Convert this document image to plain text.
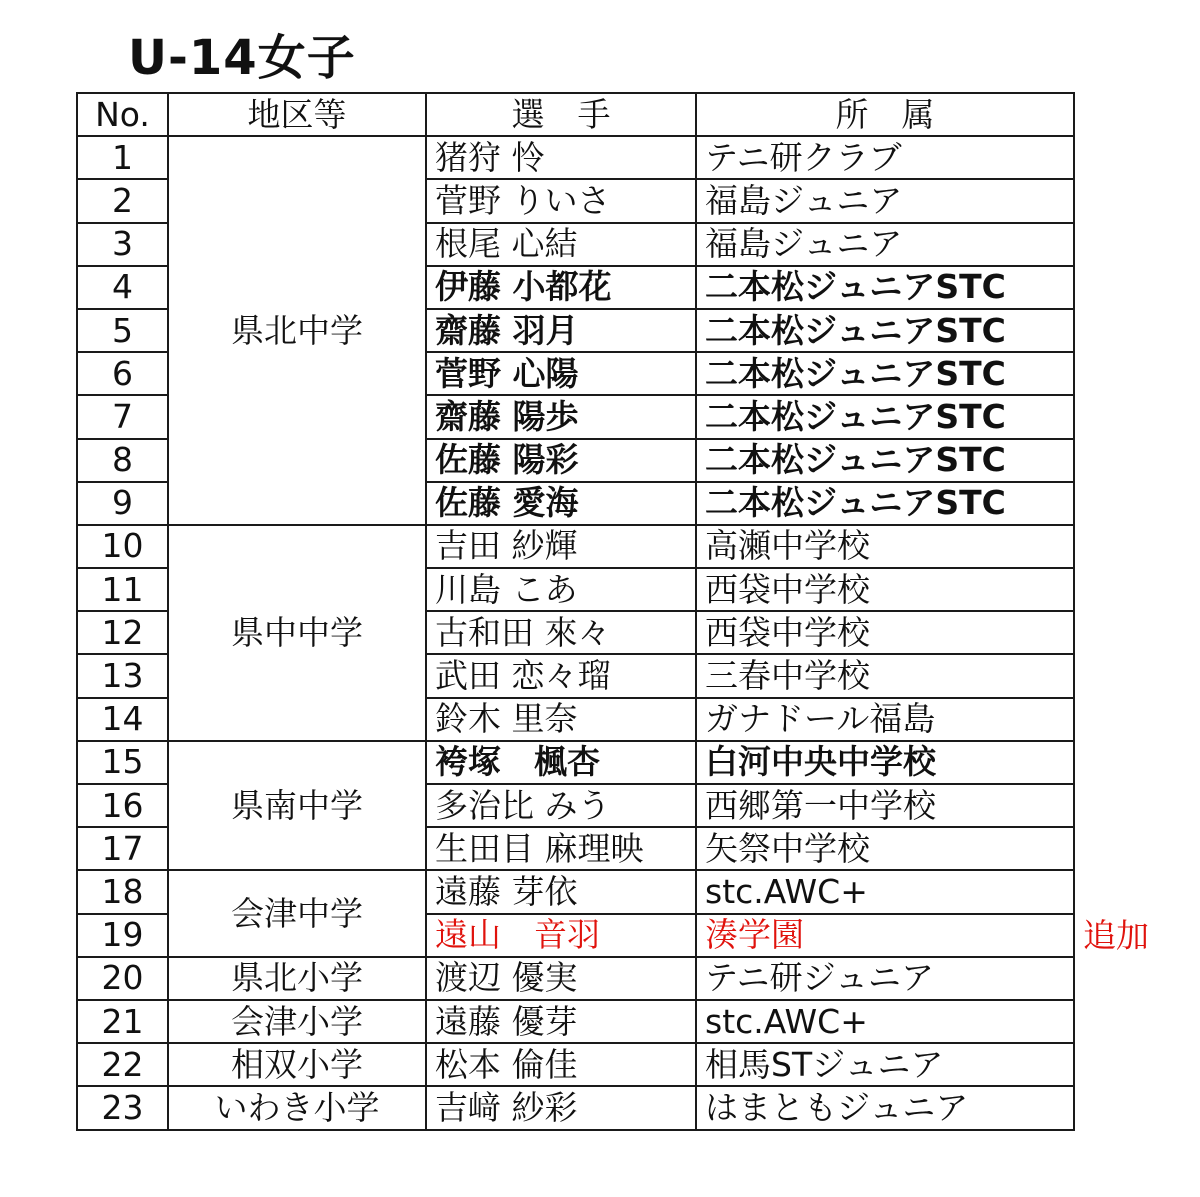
U-14女子
No.	地区等	選　手	所　属
1	県北中学	猪狩 怜	テニ研クラブ
2		菅野 りいさ	福島ジュニア
3		根尾 心結	福島ジュニア
4		伊藤 小都花	二本松ジュニアSTC
5		齋藤 羽月	二本松ジュニアSTC
6		菅野 心陽	二本松ジュニアSTC
7		齋藤 陽歩	二本松ジュニアSTC
8		佐藤 陽彩	二本松ジュニアSTC
9		佐藤 愛海	二本松ジュニアSTC
10	県中中学	吉田 紗輝	高瀬中学校
11		川島 こあ	西袋中学校
12		古和田 來々	西袋中学校
13		武田 恋々瑠	三春中学校
14		鈴木 里奈	ガナドール福島
15	県南中学	袴塚　楓杏	白河中央中学校
16		多治比 みう	西郷第一中学校
17		生田目 麻理映	矢祭中学校
18	会津中学	遠藤 芽依	stc.AWC+
19		遠山　音羽	湊学園
20	県北小学	渡辺 優実	テニ研ジュニア
21	会津小学	遠藤 優芽	stc.AWC+
22	相双小学	松本 倫佳	相馬STジュニア
23	いわき小学	吉﨑 紗彩	はまともジュニア
追加
